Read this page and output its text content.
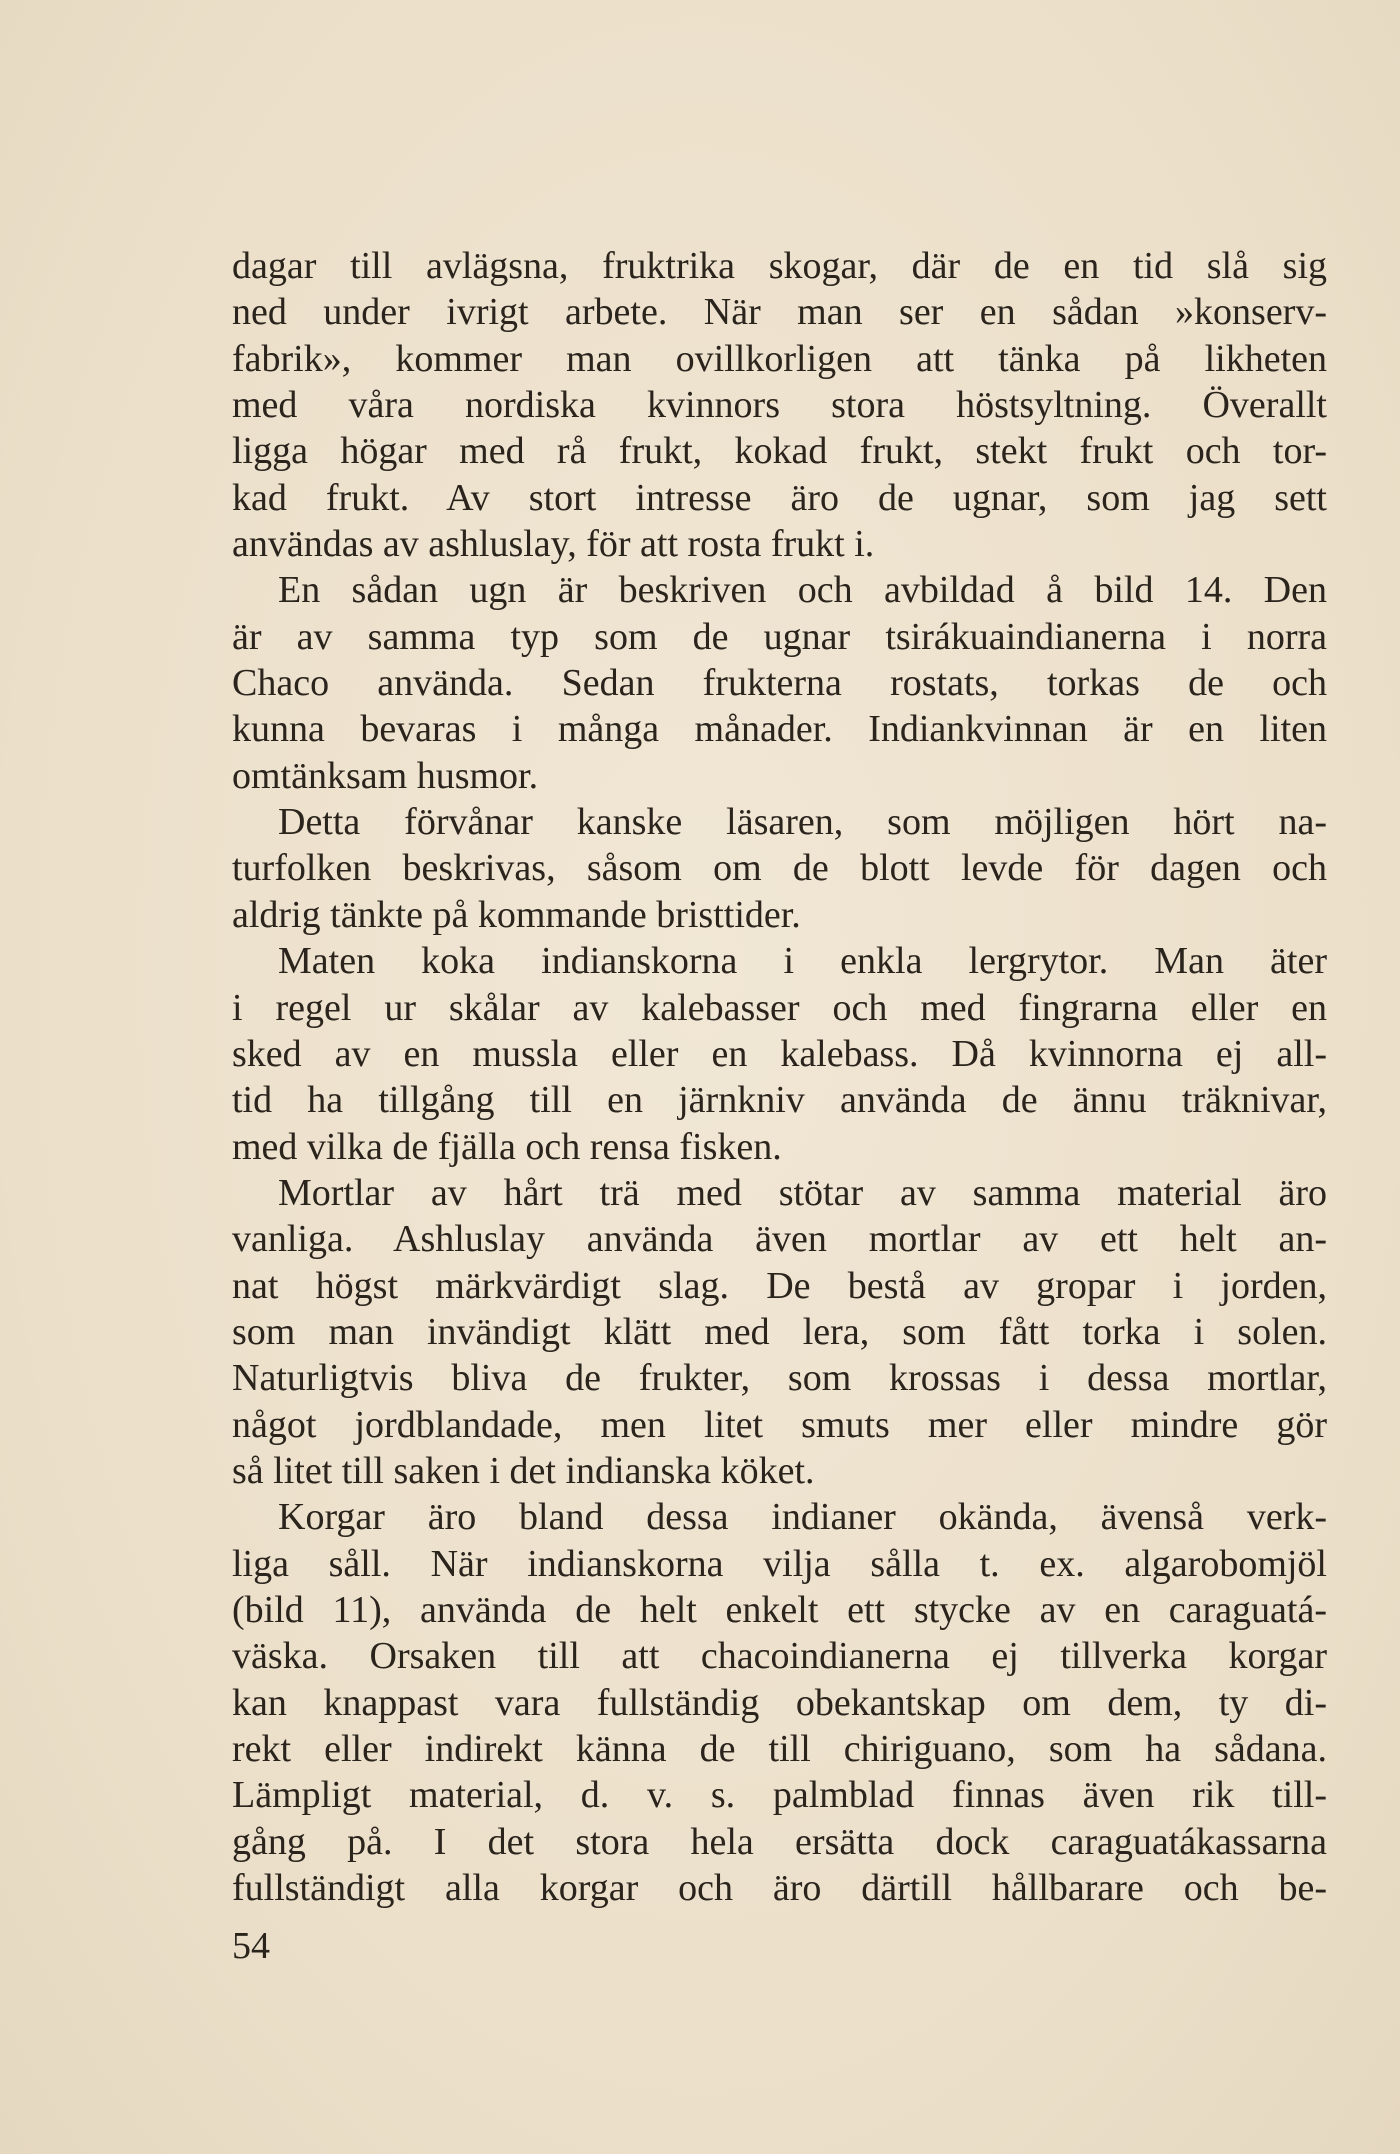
dagar till avlägsna, fruktrika skogar, där de en tid slå sig
ned under ivrigt arbete. När man ser en sådan »konserv-
fabrik», kommer man ovillkorligen att tänka på likheten
med våra nordiska kvinnors stora höstsyltning. Överallt
ligga högar med rå frukt, kokad frukt, stekt frukt och tor-
kad frukt. Av stort intresse äro de ugnar, som jag sett
användas av ashluslay, för att rosta frukt i.
En sådan ugn är beskriven och avbildad å bild 14. Den
är av samma typ som de ugnar tsirákuaindianerna i norra
Chaco använda. Sedan frukterna rostats, torkas de och
kunna bevaras i många månader. Indiankvinnan är en liten
omtänksam husmor.
Detta förvånar kanske läsaren, som möjligen hört na-
turfolken beskrivas, såsom om de blott levde för dagen och
aldrig tänkte på kommande bristtider.
Maten koka indianskorna i enkla lergrytor. Man äter
i regel ur skålar av kalebasser och med fingrarna eller en
sked av en mussla eller en kalebass. Då kvinnorna ej all-
tid ha tillgång till en järnkniv använda de ännu träknivar,
med vilka de fjälla och rensa fisken.
Mortlar av hårt trä med stötar av samma material äro
vanliga. Ashluslay använda även mortlar av ett helt an-
nat högst märkvärdigt slag. De bestå av gropar i jorden,
som man invändigt klätt med lera, som fått torka i solen.
Naturligtvis bliva de frukter, som krossas i dessa mortlar,
något jordblandade, men litet smuts mer eller mindre gör
så litet till saken i det indianska köket.
Korgar äro bland dessa indianer okända, ävenså verk-
liga såll. När indianskorna vilja sålla t. ex. algarobomjöl
(bild 11), använda de helt enkelt ett stycke av en caraguatá-
väska. Orsaken till att chacoindianerna ej tillverka korgar
kan knappast vara fullständig obekantskap om dem, ty di-
rekt eller indirekt känna de till chiriguano, som ha sådana.
Lämpligt material, d. v. s. palmblad finnas även rik till-
gång på. I det stora hela ersätta dock caraguatákassarna
fullständigt alla korgar och äro därtill hållbarare och be-
54
